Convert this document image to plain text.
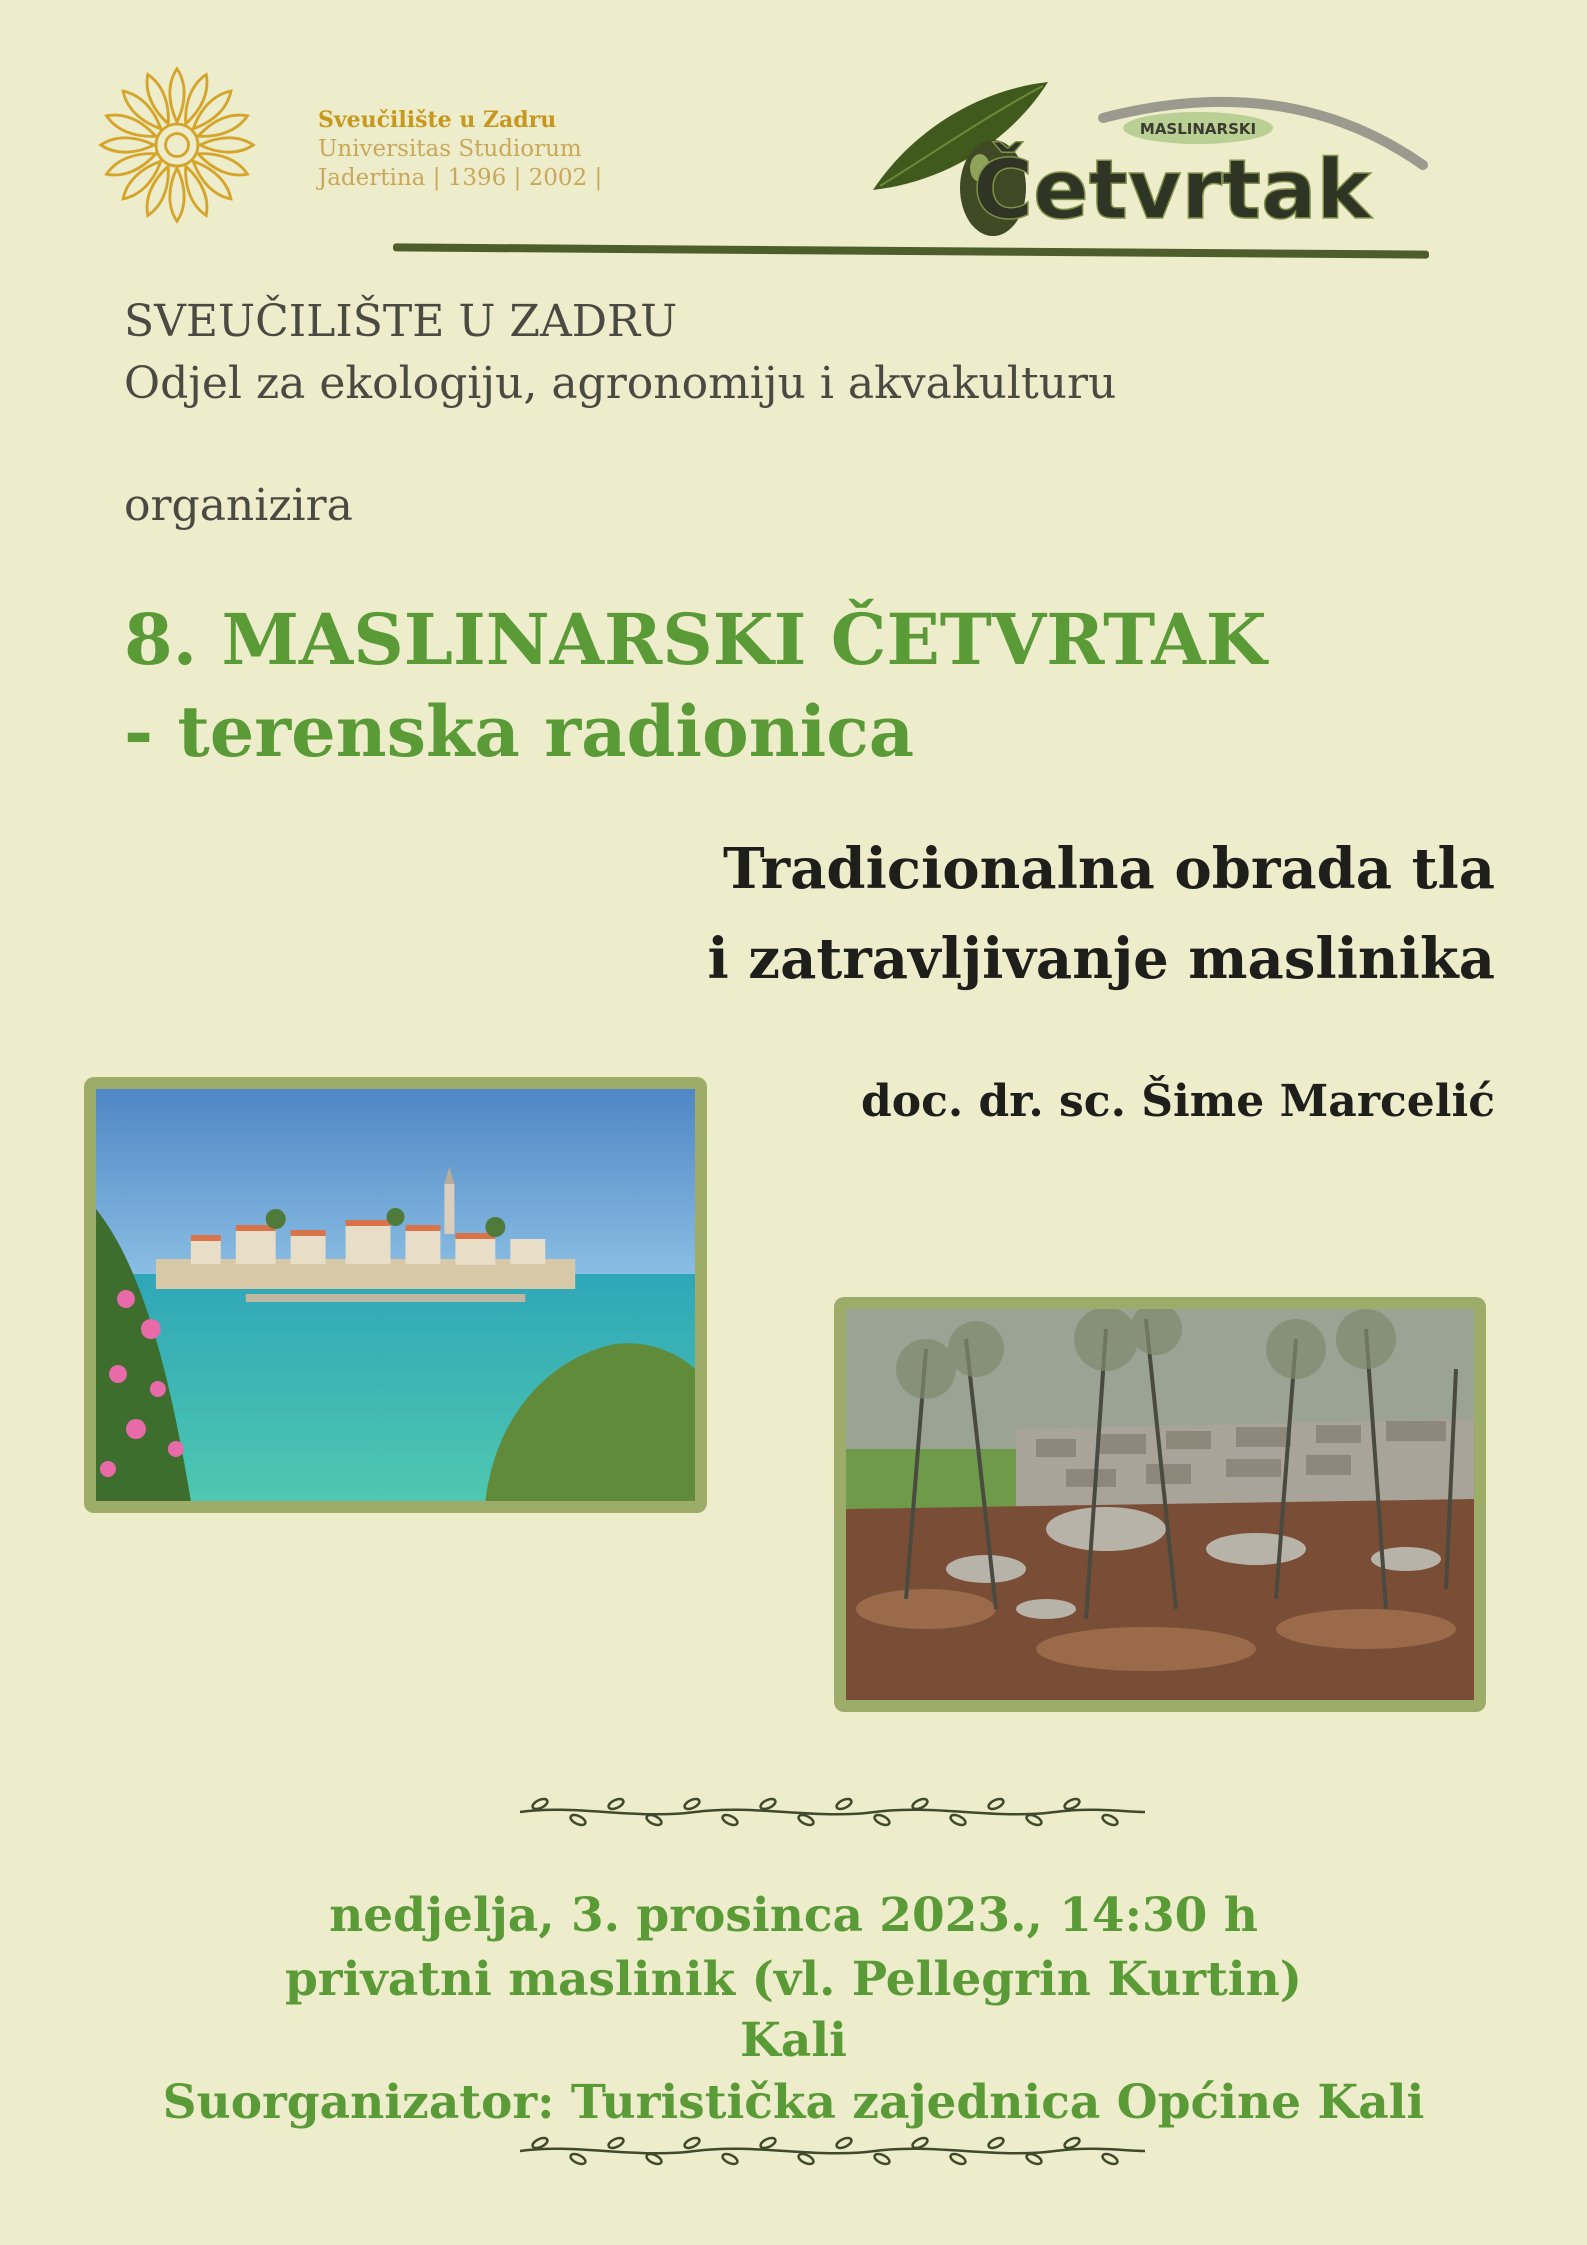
Sveučilište u Zadru
Universitas Studiorum
Jadertina | 1396 | 2002 |
MASLINARSKI
Četvrtak
SVEUČILIŠTE U ZADRU
Odjel za ekologiju, agronomiju i akvakulturu
organizira
8. MASLINARSKI ČETVRTAK
- terenska radionica
Tradicionalna obrada tla
i zatravljivanje maslinika
doc. dr. sc. Šime Marcelić
nedjelja, 3. prosinca 2023., 14:30 h
privatni maslinik (vl. Pellegrin Kurtin)
Kali
Suorganizator: Turistička zajednica Općine Kali
